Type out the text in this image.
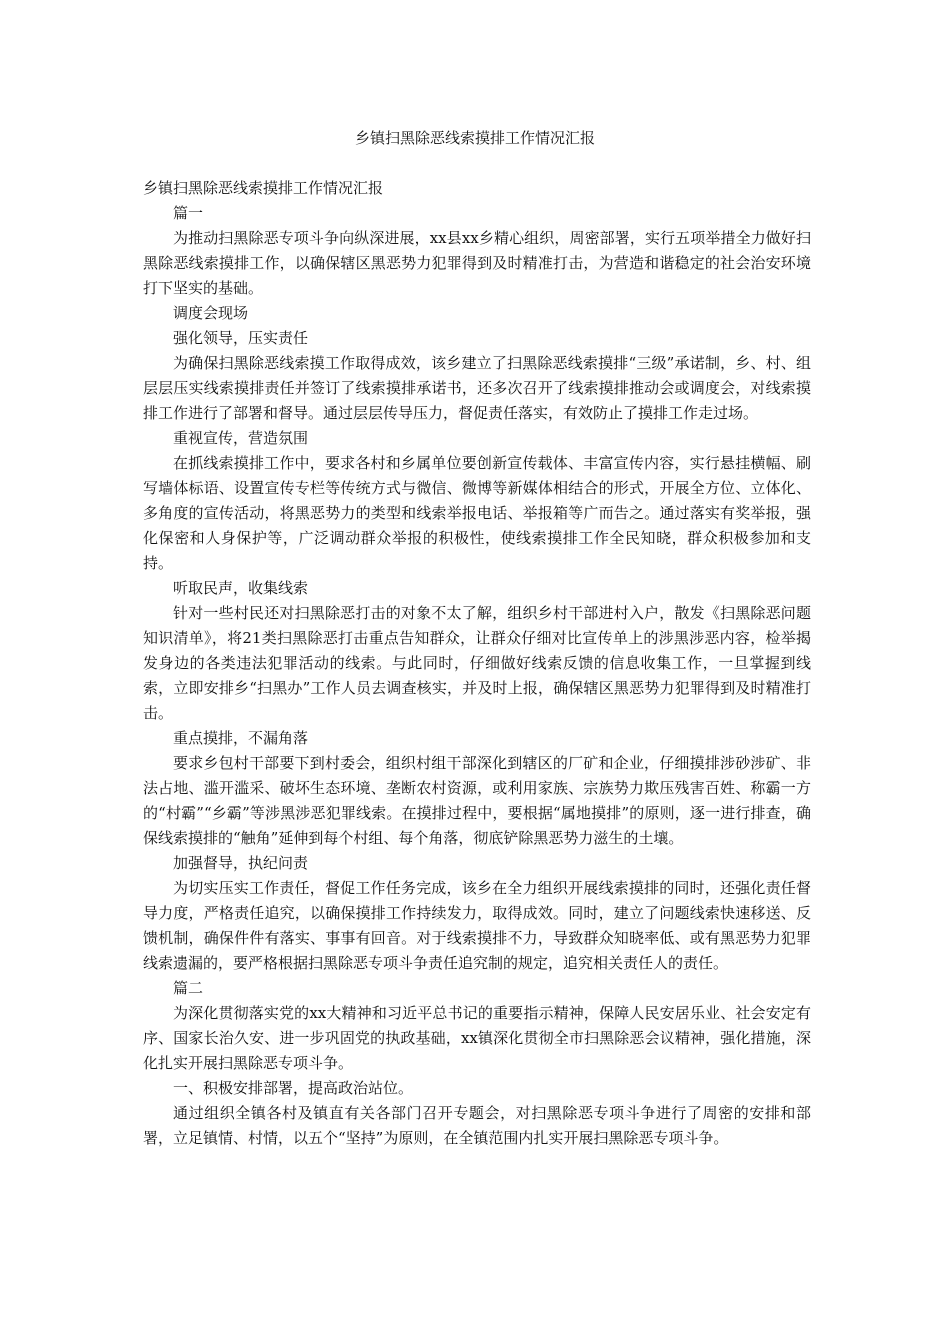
乡镇扫黑除恶线索摸排工作情况汇报

乡镇扫黑除恶线索摸排工作情况汇报

篇一

为推动扫黑除恶专项斗争向纵深进展，xx县xx乡精心组织，周密部署，实行五项举措全力做好扫黑除恶线索摸排工作，以确保辖区黑恶势力犯罪得到及时精准打击，为营造和谐稳定的社会治安环境打下坚实的基础。

调度会现场

强化领导，压实责任

为确保扫黑除恶线索摸工作取得成效，该乡建立了扫黑除恶线索摸排“三级”承诺制，乡、村、组层层压实线索摸排责任并签订了线索摸排承诺书，还多次召开了线索摸排推动会或调度会，对线索摸排工作进行了部署和督导。通过层层传导压力，督促责任落实，有效防止了摸排工作走过场。

重视宣传，营造氛围

在抓线索摸排工作中，要求各村和乡属单位要创新宣传载体、丰富宣传内容，实行悬挂横幅、刷写墙体标语、设置宣传专栏等传统方式与微信、微博等新媒体相结合的形式，开展全方位、立体化、多角度的宣传活动，将黑恶势力的类型和线索举报电话、举报箱等广而告之。通过落实有奖举报，强化保密和人身保护等，广泛调动群众举报的积极性，使线索摸排工作全民知晓，群众积极参加和支持。

听取民声，收集线索

针对一些村民还对扫黑除恶打击的对象不太了解，组织乡村干部进村入户，散发《扫黑除恶问题知识清单》，将21类扫黑除恶打击重点告知群众，让群众仔细对比宣传单上的涉黑涉恶内容，检举揭发身边的各类违法犯罪活动的线索。与此同时，仔细做好线索反馈的信息收集工作，一旦掌握到线索，立即安排乡“扫黑办”工作人员去调查核实，并及时上报，确保辖区黑恶势力犯罪得到及时精准打击。

重点摸排，不漏角落

要求乡包村干部要下到村委会，组织村组干部深化到辖区的厂矿和企业，仔细摸排涉砂涉矿、非法占地、滥开滥采、破坏生态环境、垄断农村资源，或利用家族、宗族势力欺压残害百姓、称霸一方的“村霸”“乡霸”等涉黑涉恶犯罪线索。在摸排过程中，要根据“属地摸排”的原则，逐一进行排查，确保线索摸排的“触角”延伸到每个村组、每个角落，彻底铲除黑恶势力滋生的土壤。

加强督导，执纪问责

为切实压实工作责任，督促工作任务完成，该乡在全力组织开展线索摸排的同时，还强化责任督导力度，严格责任追究，以确保摸排工作持续发力，取得成效。同时，建立了问题线索快速移送、反馈机制，确保件件有落实、事事有回音。对于线索摸排不力，导致群众知晓率低、或有黑恶势力犯罪线索遗漏的，要严格根据扫黑除恶专项斗争责任追究制的规定，追究相关责任人的责任。

篇二

为深化贯彻落实党的xx大精神和习近平总书记的重要指示精神，保障人民安居乐业、社会安定有序、国家长治久安、进一步巩固党的执政基础，xx镇深化贯彻全市扫黑除恶会议精神，强化措施，深化扎实开展扫黑除恶专项斗争。

一、积极安排部署，提高政治站位。

通过组织全镇各村及镇直有关各部门召开专题会，对扫黑除恶专项斗争进行了周密的安排和部署，立足镇情、村情，以五个“坚持”为原则，在全镇范围内扎实开展扫黑除恶专项斗争。
